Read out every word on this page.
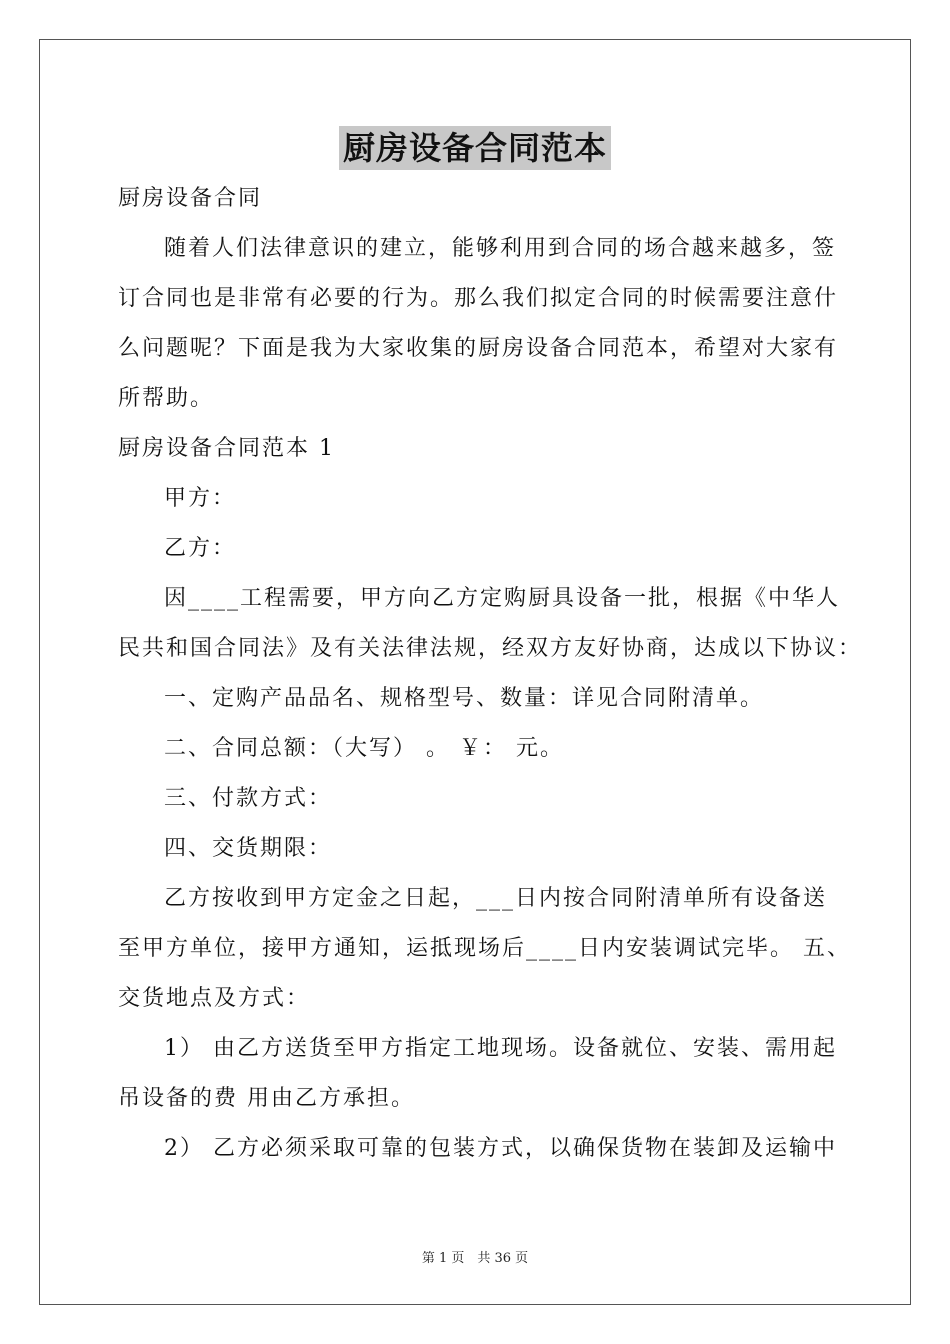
厨房设备合同范本
厨房设备合同
随着人们法律意识的建立，能够利用到合同的场合越来越多，签
订合同也是非常有必要的行为。那么我们拟定合同的时候需要注意什
么问题呢？下面是我为大家收集的厨房设备合同范本，希望对大家有
所帮助。
厨房设备合同范本 1
甲方：
乙方：
因____工程需要，甲方向乙方定购厨具设备一批，根据《中华人
民共和国合同法》及有关法律法规，经双方友好协商，达成以下协议：
一、定购产品品名、规格型号、数量：详见合同附清单。
二、合同总额：（大写） 。 ￥： 元。
三、付款方式：
四、交货期限：
乙方按收到甲方定金之日起，___日内按合同附清单所有设备送
至甲方单位，接甲方通知，运抵现场后____日内安装调试完毕。 五、
交货地点及方式：
1） 由乙方送货至甲方指定工地现场。设备就位、安装、需用起
吊设备的费 用由乙方承担。
2） 乙方必须采取可靠的包装方式，以确保货物在装卸及运输中
第 1 页　共 36 页
